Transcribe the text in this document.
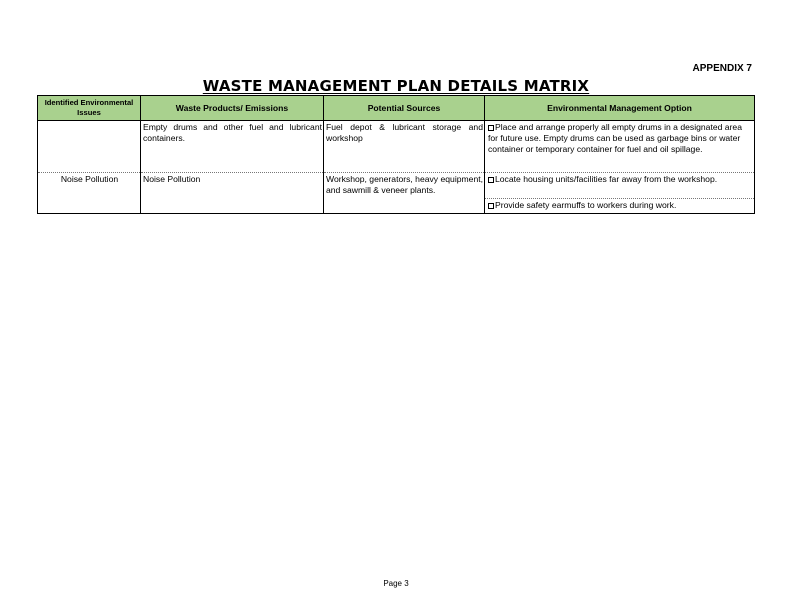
APPENDIX 7
WASTE MANAGEMENT PLAN DETAILS MATRIX
Identified Environmental Issues	Waste Products/ Emissions	Potential Sources	Environmental Management Option
	Empty drums and other fuel and lubricant containers.	Fuel depot & lubricant storage and workshop	Place and arrange properly all empty drums in a designated area for future use. Empty drums can be used as garbage bins or water container or temporary container for fuel and oil spillage.
Noise Pollution	Noise Pollution	Workshop, generators, heavy equipment, and sawmill & veneer plants.	Locate housing units/facilities far away from the workshop.
			Provide safety earmuffs to workers during work.
Page 3
